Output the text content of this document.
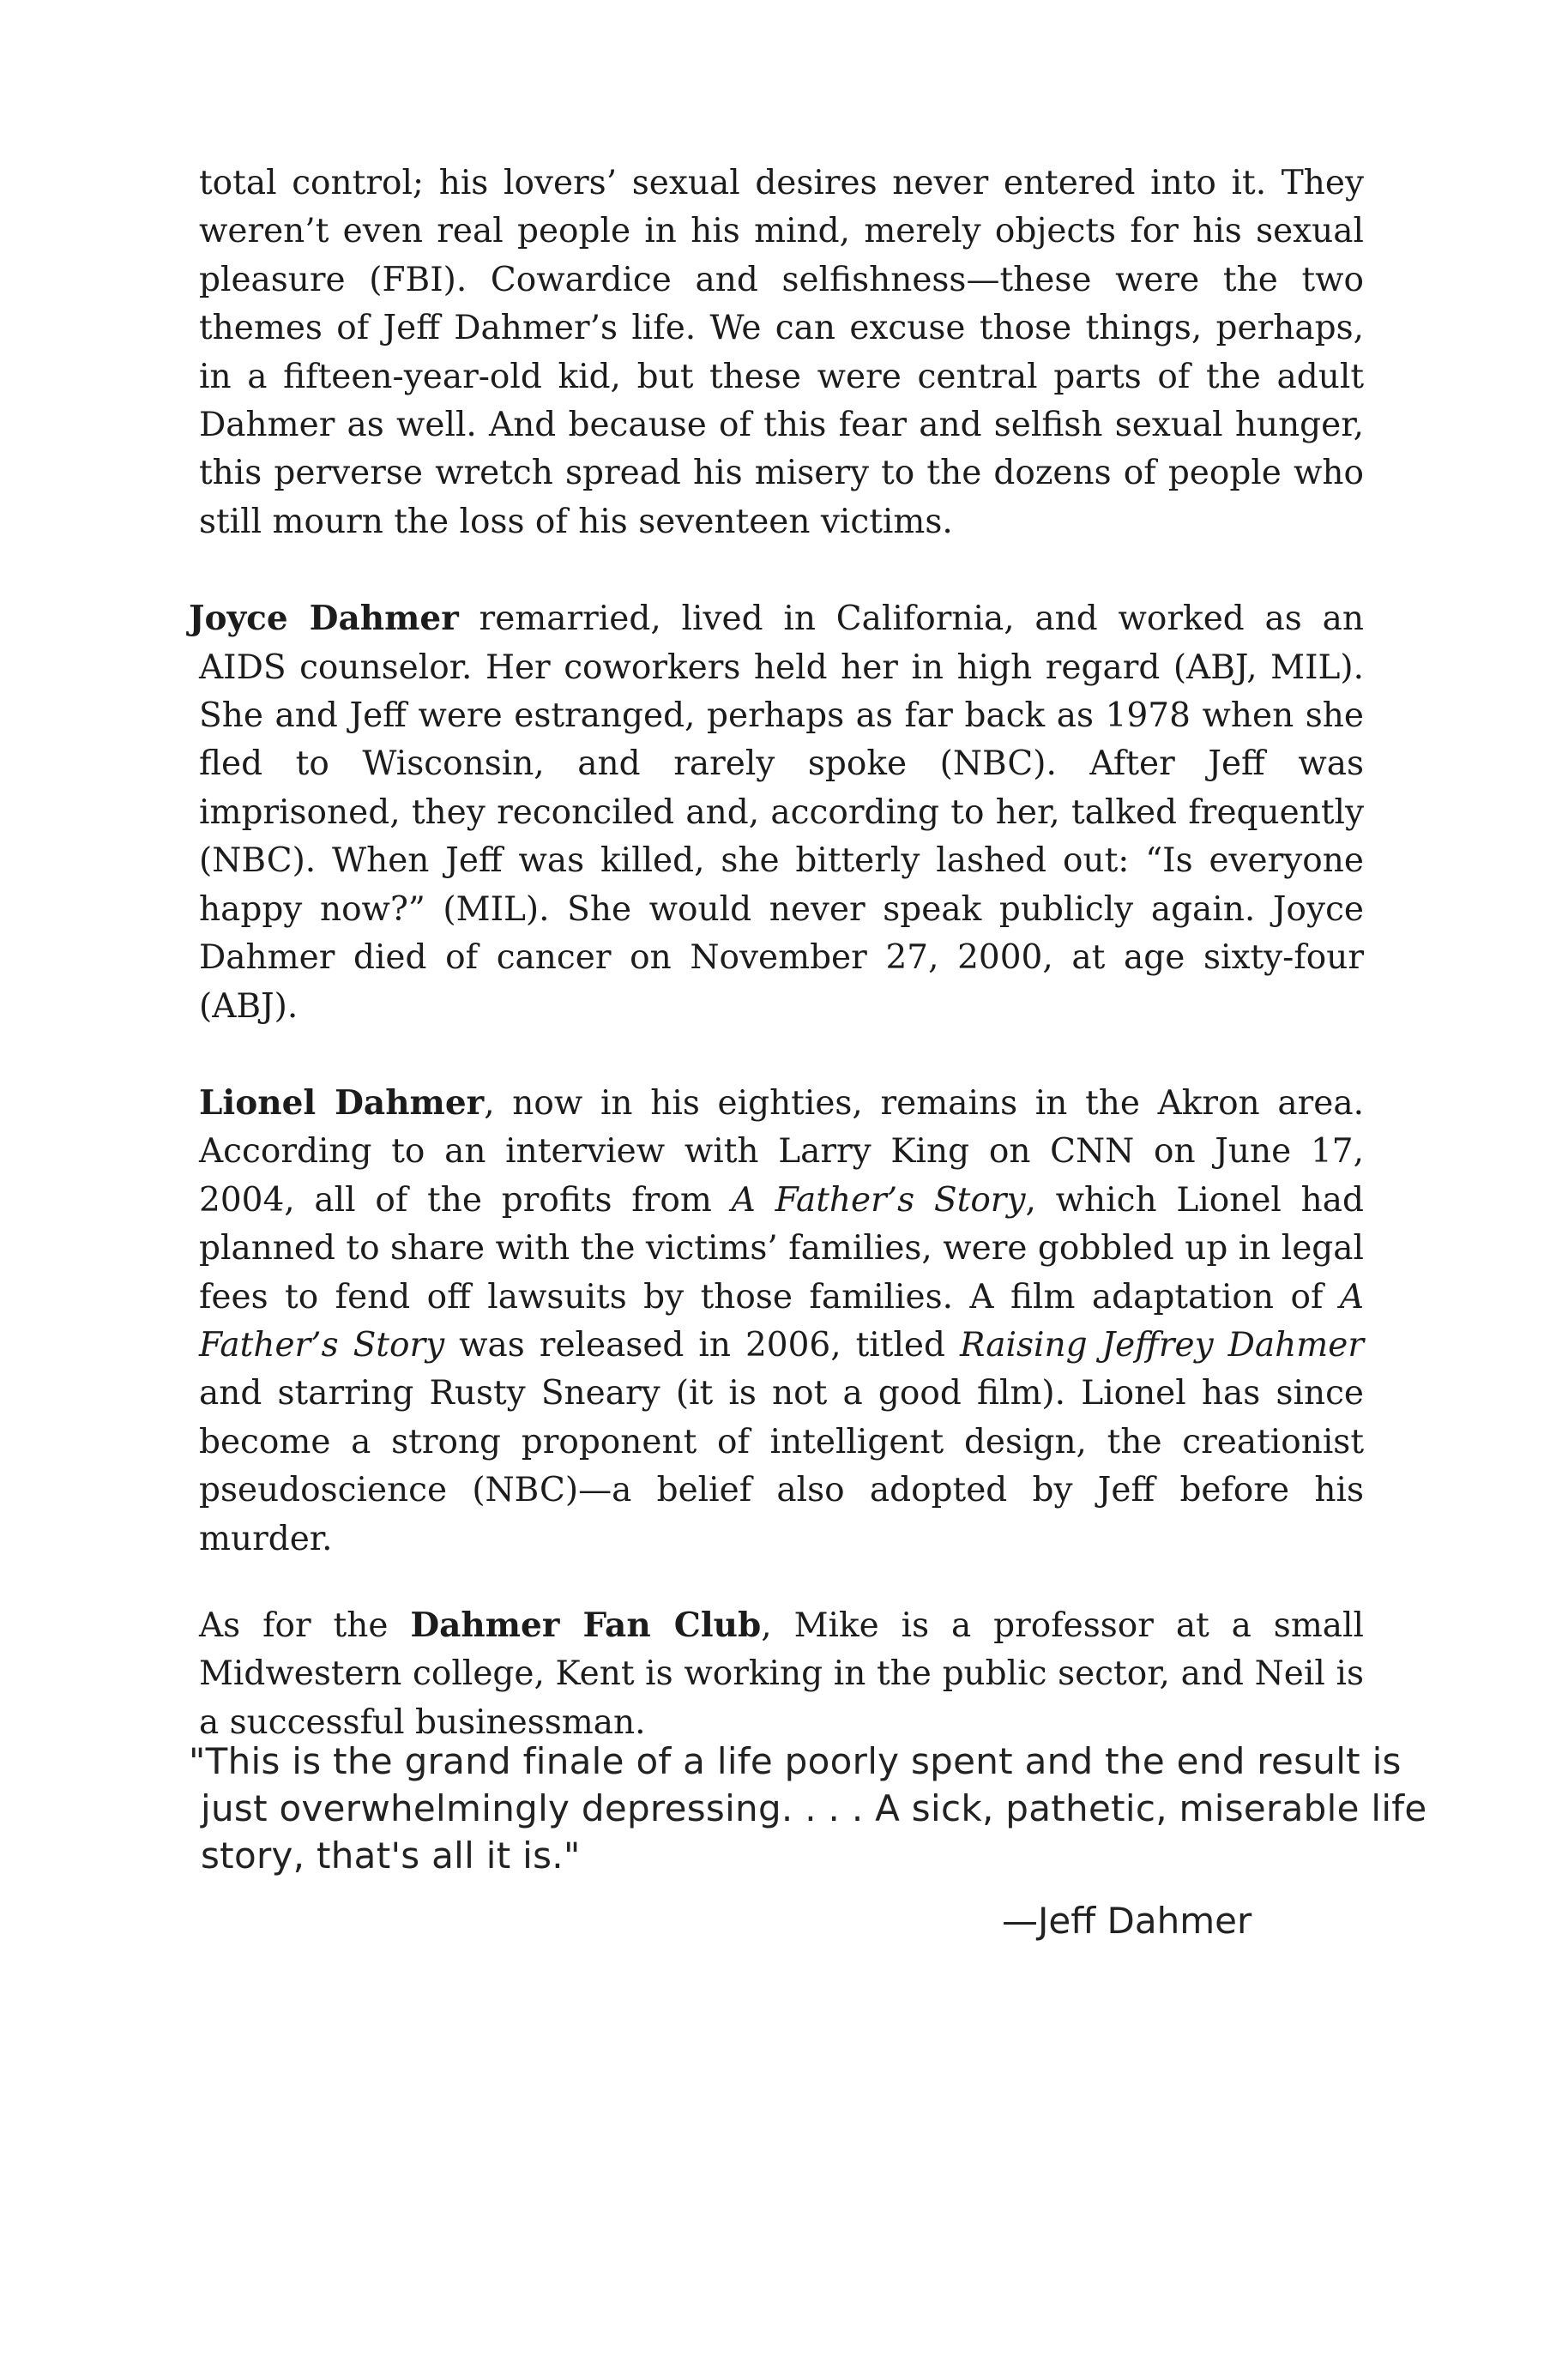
total control; his lovers’ sexual desires never entered into it. They weren’t even real people in his mind, merely objects for his sexual pleasure (FBI). Cowardice and selfishness—these were the two themes of Jeff Dahmer’s life. We can excuse those things, perhaps, in a fifteen-year-old kid, but these were central parts of the adult Dahmer as well. And because of this fear and selfish sexual hunger, this perverse wretch spread his misery to the dozens of people who still mourn the loss of his seventeen victims.

Joyce Dahmer remarried, lived in California, and worked as an AIDS counselor. Her coworkers held her in high regard (ABJ, MIL). She and Jeff were estranged, perhaps as far back as 1978 when she fled to Wisconsin, and rarely spoke (NBC). After Jeff was imprisoned, they reconciled and, according to her, talked frequently (NBC). When Jeff was killed, she bitterly lashed out: “Is everyone happy now?” (MIL). She would never speak publicly again. Joyce Dahmer died of cancer on November 27, 2000, at age sixty-four (ABJ).

Lionel Dahmer, now in his eighties, remains in the Akron area. According to an interview with Larry King on CNN on June 17, 2004, all of the profits from A Father’s Story, which Lionel had planned to share with the victims’ families, were gobbled up in legal fees to fend off lawsuits by those families. A film adaptation of A Father’s Story was released in 2006, titled Raising Jeffrey Dahmer and starring Rusty Sneary (it is not a good film). Lionel has since become a strong proponent of intelligent design, the creationist pseudoscience (NBC)—a belief also adopted by Jeff before his murder.

As for the Dahmer Fan Club, Mike is a professor at a small Midwestern college, Kent is working in the public sector, and Neil is a successful businessman.

"This is the grand finale of a life poorly spent and the end result is
just overwhelmingly depressing. . . . A sick, pathetic, miserable life
story, that's all it is."
—Jeff Dahmer
